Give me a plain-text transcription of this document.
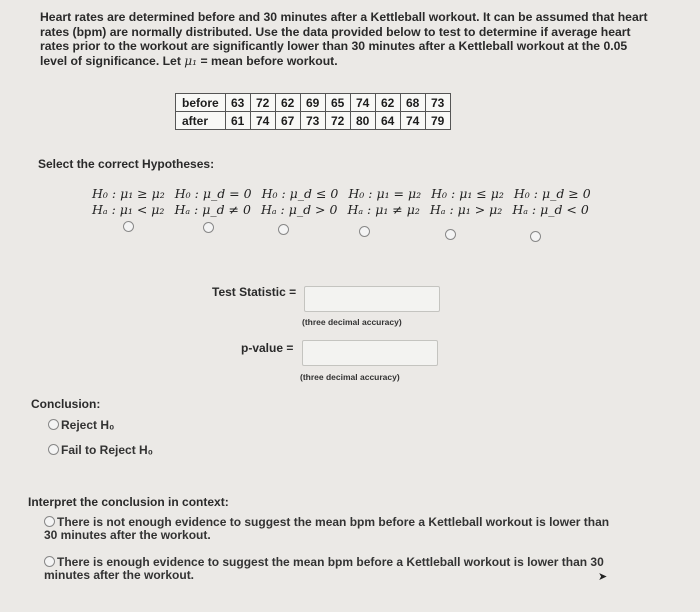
Heart rates are determined before and 30 minutes after a Kettleball workout. It can be assumed that heart rates (bpm) are normally distributed. Use the data provided below to test to determine if average heart rates prior to the workout are significantly lower than 30 minutes after a Kettleball workout at the 0.05 level of significance. Let μ₁ = mean before workout.
before	63	72	62	69	65	74	62	68	73
after	61	74	67	73	72	80	64	74	79
Select the correct Hypotheses:
H₀ : μ₁ ≥ μ₂ H₀ : μ_d = 0 H₀ : μ_d ≤ 0 H₀ : μ₁ = μ₂ H₀ : μ₁ ≤ μ₂ H₀ : μ_d ≥ 0
Hₐ : μ₁ < μ₂ Hₐ : μ_d ≠ 0 Hₐ : μ_d > 0 Hₐ : μ₁ ≠ μ₂ Hₐ : μ₁ > μ₂ Hₐ : μ_d < 0
Test Statistic =
(three decimal accuracy)
p-value =
(three decimal accuracy)
Conclusion:
Reject H₀
Fail to Reject H₀
Interpret the conclusion in context:
There is not enough evidence to suggest the mean bpm before a Kettleball workout is lower than 30 minutes after the workout.
There is enough evidence to suggest the mean bpm before a Kettleball workout is lower than 30 minutes after the workout.	➤
